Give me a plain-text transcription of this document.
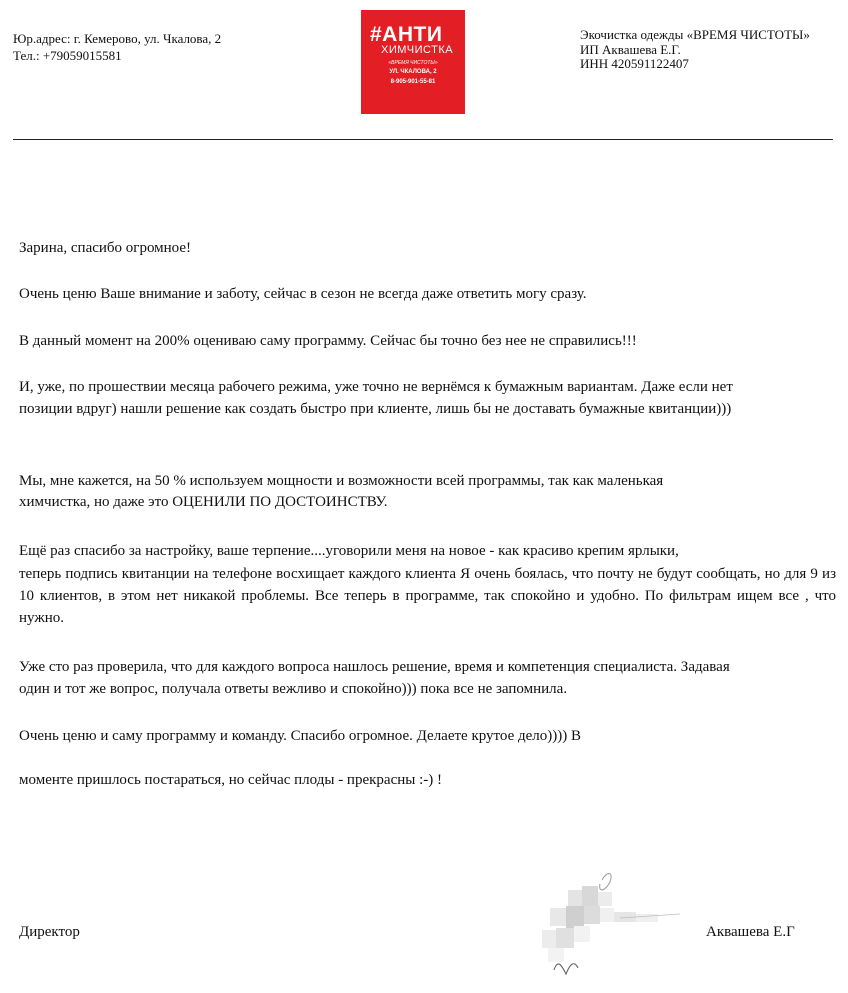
Юр.адрес: г. Кемерово, ул. Чкалова, 2
Тел.: +79059015581
#АНТИ
ХИМЧИСТКА
«ВРЕМЯ ЧИСТОТЫ»
УЛ. ЧКАЛОВА, 2
8-905-901-55-81
Экочистка одежды «ВРЕМЯ ЧИСТОТЫ»
ИП Аквашева Е.Г.
ИНН 420591122407

Зарина, спасибо огромное!

Очень ценю Ваше внимание и заботу, сейчас в сезон не всегда даже ответить могу сразу.

В данный момент на 200% оцениваю саму программу. Сейчас бы точно без нее не справились!!!

И, уже, по прошествии месяца рабочего режима, уже точно не вернёмся к бумажным вариантам. Даже если нет

позиции вдруг) нашли решение как создать быстро при клиенте, лишь бы не доставать бумажные квитанции)))

Мы, мне кажется, на 50 % используем мощности и возможности всей программы, так как маленькая

химчистка, но даже это ОЦЕНИЛИ ПО ДОСТОИНСТВУ.

Ещё раз спасибо за настройку, ваше терпение....уговорили меня на новое - как красиво крепим ярлыки,

теперь подпись квитанции на телефоне восхищает каждого клиента Я очень боялась, что почту не будут сообщать, но для 9 из 10 клиентов, в этом нет никакой проблемы. Все теперь в программе, так спокойно и удобно. По фильтрам ищем все , что нужно.

Уже сто раз проверила, что для каждого вопроса нашлось решение, время и компетенция специалиста. Задавая

один и тот же вопрос, получала ответы вежливо и спокойно))) пока все не запомнила.

Очень ценю и саму программу и команду. Спасибо огромное. Делаете крутое дело)))) В

моменте пришлось постараться, но сейчас плоды - прекрасны :-) !

Директор	Аквашева Е.Г
